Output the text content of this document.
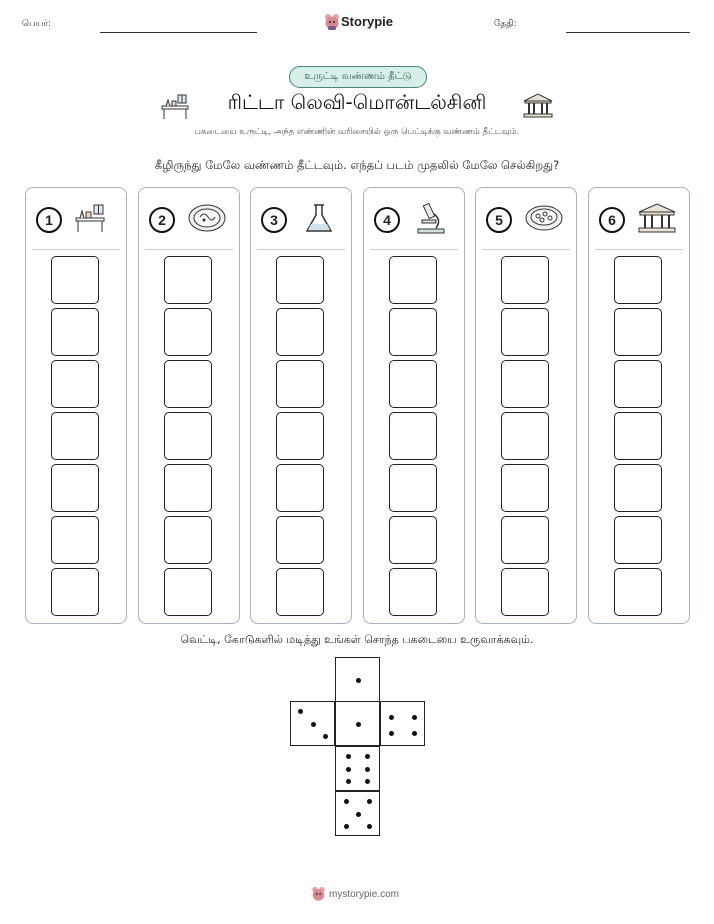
பெயர்:	Storypie	தேதி:
உருட்டி வண்ணம் தீட்டு
ரிட்டா லெவி-மொன்டல்சினி
பகடையை உருட்டி, அந்த எண்ணின் வரிசையில் ஒரு பெட்டிக்கு வண்ணம் தீட்டவும்.
கீழிருந்து மேலே வண்ணம் தீட்டவும். எந்தப் படம் முதலில் மேலே செல்கிறது?
1	2	3	4	5	6
வெட்டி, கோடுகளில் மடித்து உங்கள் சொந்த பகடையை உருவாக்கவும்.
mystorypie.com
